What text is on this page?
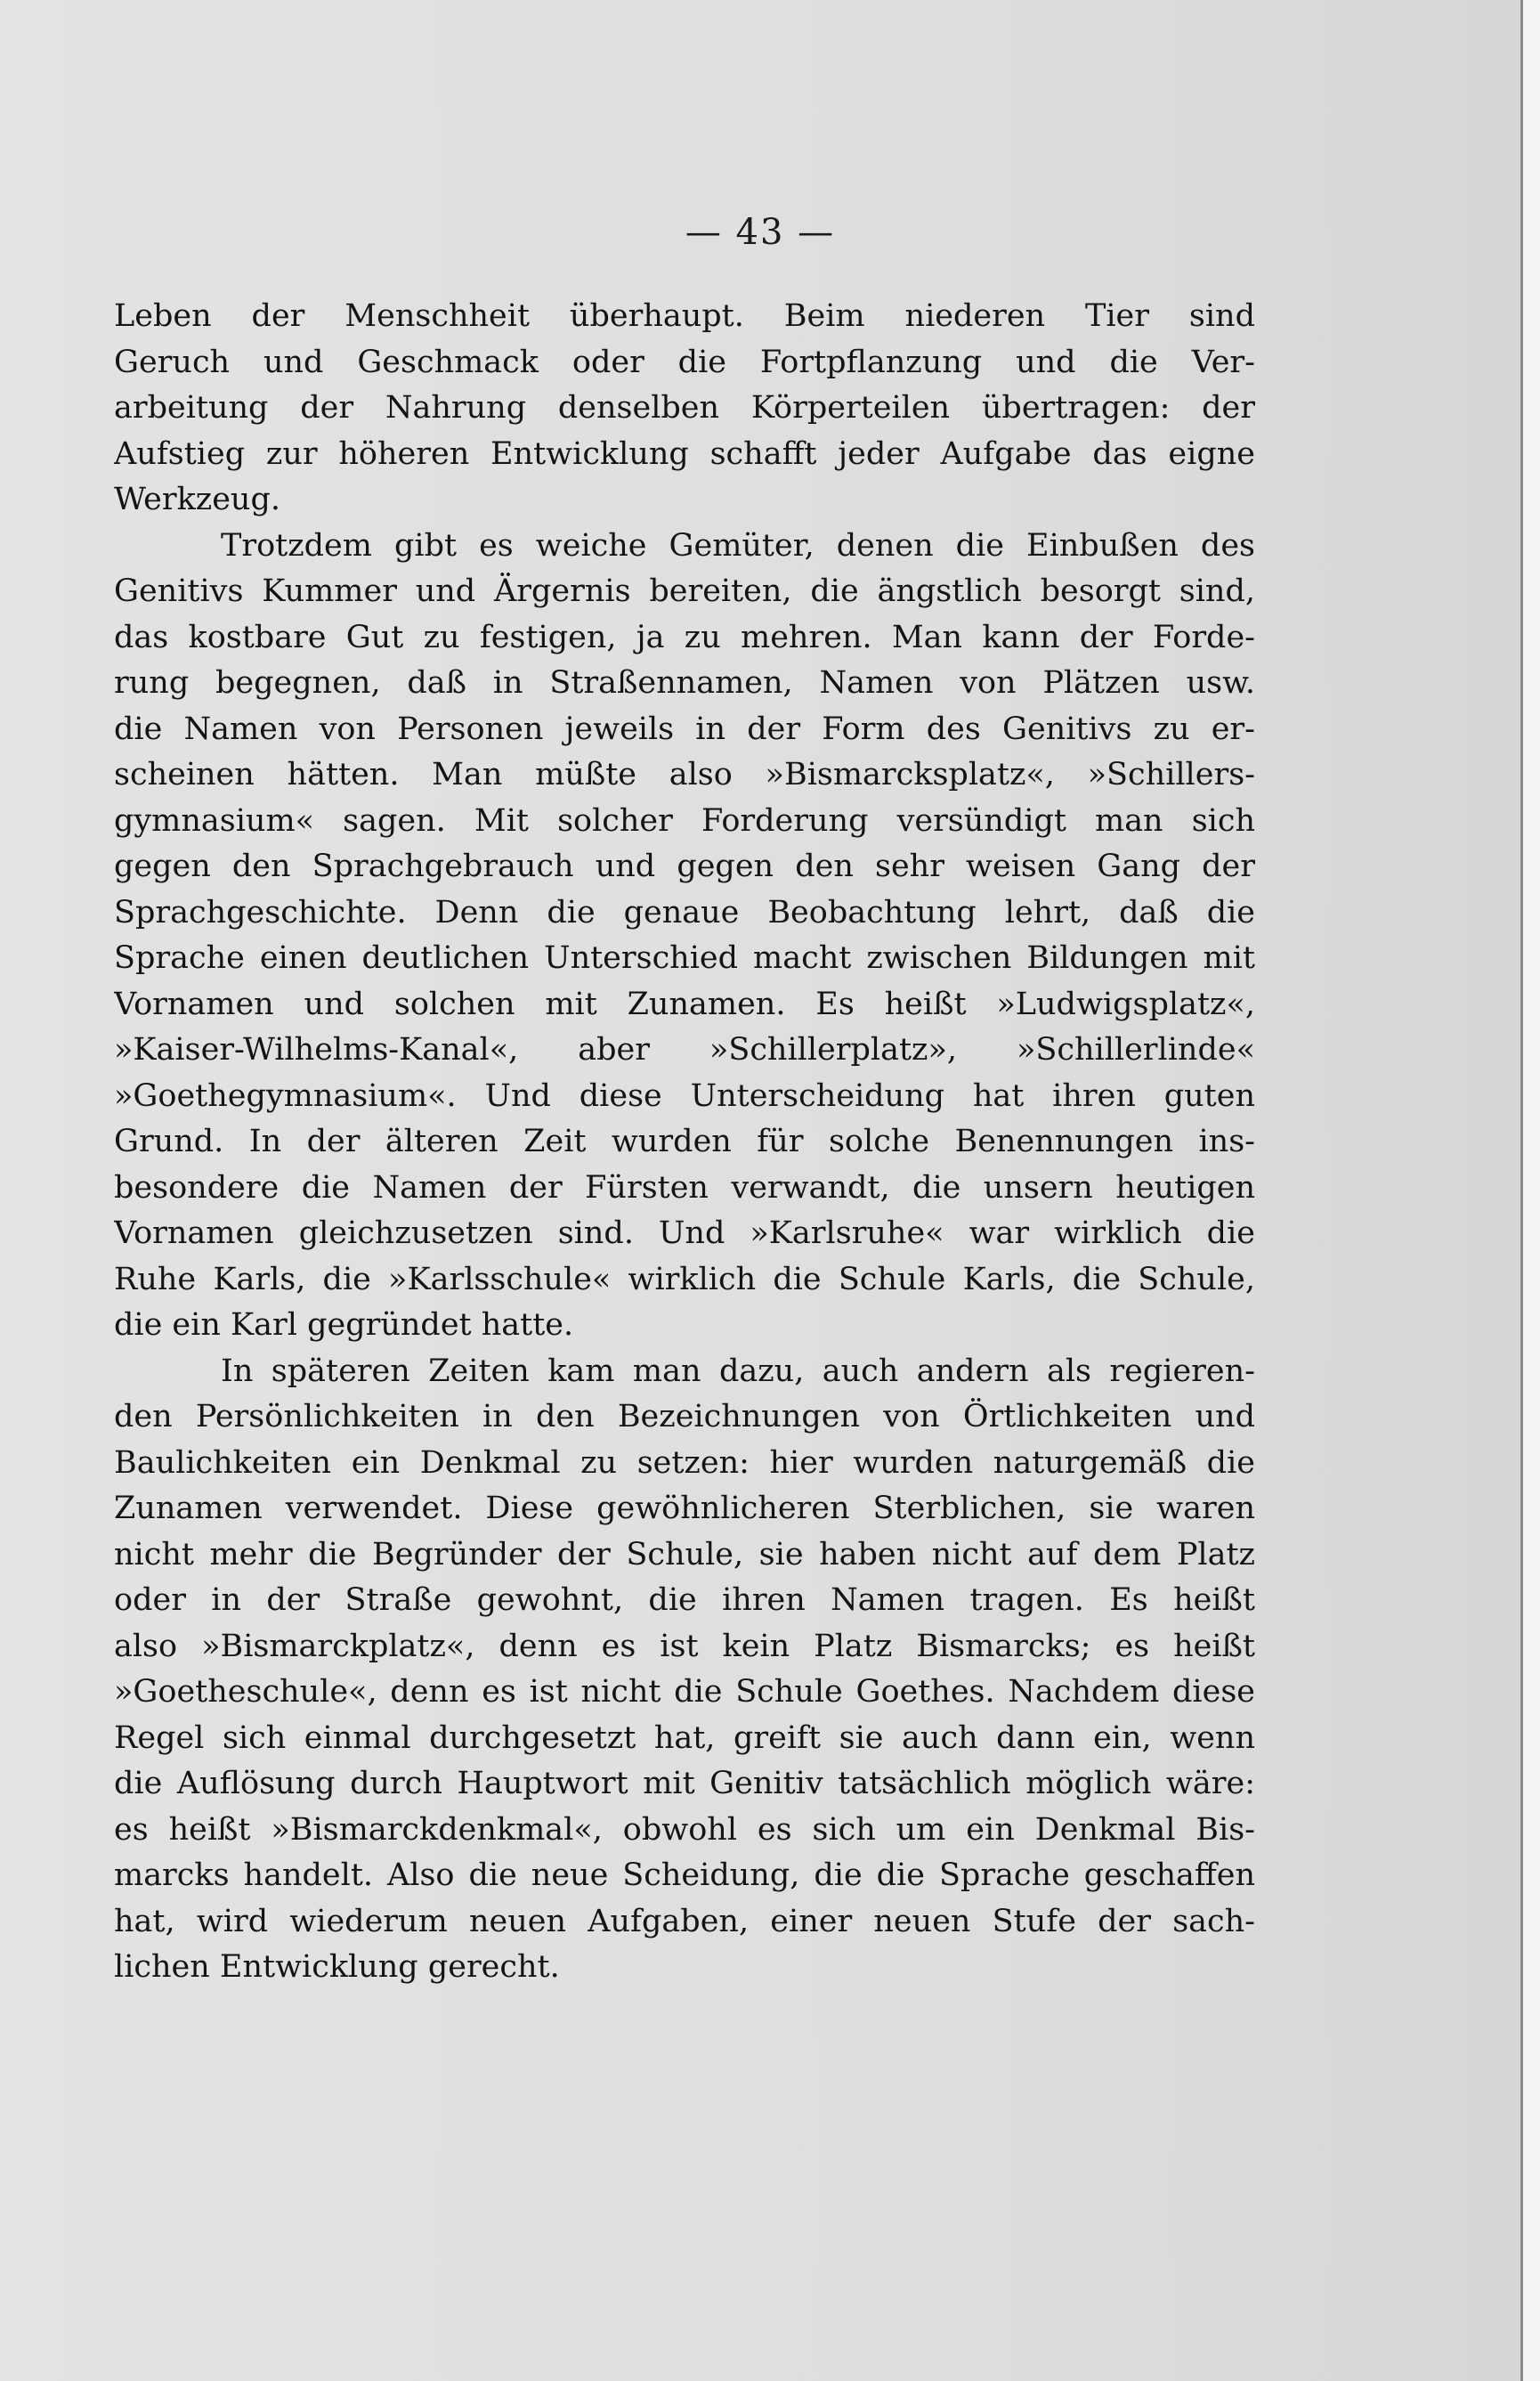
— 43 —
Leben der Menschheit überhaupt. Beim niederen Tier sind
Geruch und Geschmack oder die Fortpflanzung und die Ver-
arbeitung der Nahrung denselben Körperteilen übertragen: der
Aufstieg zur höheren Entwicklung schafft jeder Aufgabe das eigne
Werkzeug.
Trotzdem gibt es weiche Gemüter, denen die Einbußen des
Genitivs Kummer und Ärgernis bereiten, die ängstlich besorgt sind,
das kostbare Gut zu festigen, ja zu mehren. Man kann der Forde-
rung begegnen, daß in Straßennamen, Namen von Plätzen usw.
die Namen von Personen jeweils in der Form des Genitivs zu er-
scheinen hätten. Man müßte also »Bismarcksplatz«, »Schillers-
gymnasium« sagen. Mit solcher Forderung versündigt man sich
gegen den Sprachgebrauch und gegen den sehr weisen Gang der
Sprachgeschichte. Denn die genaue Beobachtung lehrt, daß die
Sprache einen deutlichen Unterschied macht zwischen Bildungen mit
Vornamen und solchen mit Zunamen. Es heißt »Ludwigsplatz«,
»Kaiser-Wilhelms-Kanal«, aber »Schillerplatz», »Schillerlinde«
»Goethegymnasium«. Und diese Unterscheidung hat ihren guten
Grund. In der älteren Zeit wurden für solche Benennungen ins-
besondere die Namen der Fürsten verwandt, die unsern heutigen
Vornamen gleichzusetzen sind. Und »Karlsruhe« war wirklich die
Ruhe Karls, die »Karlsschule« wirklich die Schule Karls, die Schule,
die ein Karl gegründet hatte.
In späteren Zeiten kam man dazu, auch andern als regieren-
den Persönlichkeiten in den Bezeichnungen von Örtlichkeiten und
Baulichkeiten ein Denkmal zu setzen: hier wurden naturgemäß die
Zunamen verwendet. Diese gewöhnlicheren Sterblichen, sie waren
nicht mehr die Begründer der Schule, sie haben nicht auf dem Platz
oder in der Straße gewohnt, die ihren Namen tragen. Es heißt
also »Bismarckplatz«, denn es ist kein Platz Bismarcks; es heißt
»Goetheschule«, denn es ist nicht die Schule Goethes. Nachdem diese
Regel sich einmal durchgesetzt hat, greift sie auch dann ein, wenn
die Auflösung durch Hauptwort mit Genitiv tatsächlich möglich wäre:
es heißt »Bismarckdenkmal«, obwohl es sich um ein Denkmal Bis-
marcks handelt. Also die neue Scheidung, die die Sprache geschaffen
hat, wird wiederum neuen Aufgaben, einer neuen Stufe der sach-
lichen Entwicklung gerecht.
